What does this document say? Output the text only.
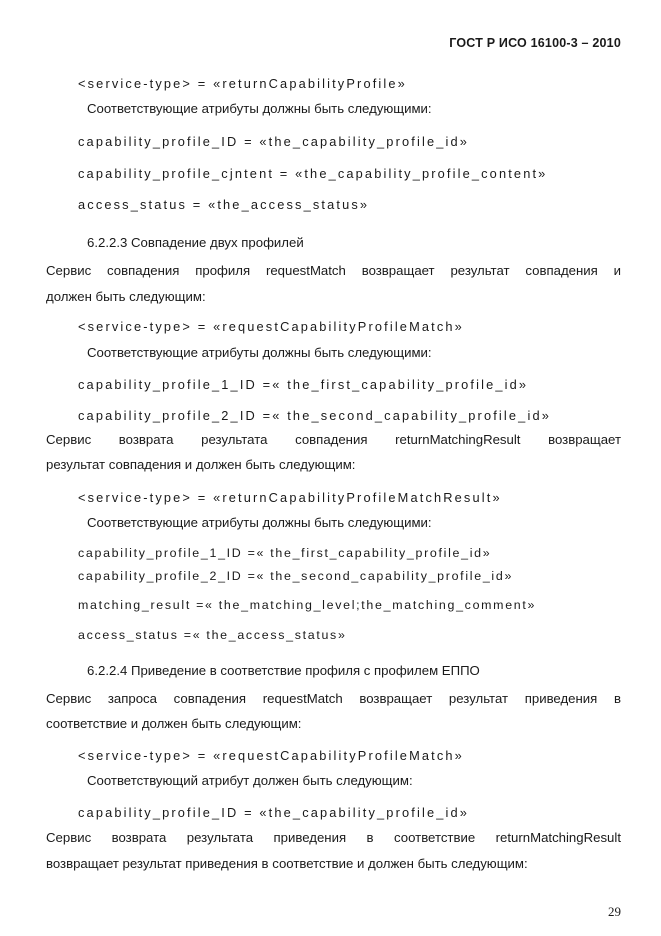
ГОСТ Р ИСО 16100-3 – 2010
<service-type> = «returnCapabilityProfile»
Соответствующие атрибуты должны быть следующими:
capability_profile_ID = «the_capability_profile_id»
capability_profile_cjntent = «the_capability_profile_content»
access_status = «the_access_status»
6.2.2.3 Совпадение двух профилей
Сервис совпадения профиля requestMatch возвращает результат совпадения и
должен быть следующим:
<service-type> = «requestCapabilityProfileMatch»
Соответствующие атрибуты должны быть следующими:
capability_profile_1_ID =« the_first_capability_profile_id»
capability_profile_2_ID =« the_second_capability_profile_id»
Сервис возврата результата совпадения returnMatchingResult возвращает
результат совпадения и должен быть следующим:
<service-type> = «returnCapabilityProfileMatchResult»
Соответствующие атрибуты должны быть следующими:
capability_profile_1_ID =« the_first_capability_profile_id»
capability_profile_2_ID =« the_second_capability_profile_id»
matching_result =« the_matching_level;the_matching_comment»
access_status =« the_access_status»
6.2.2.4 Приведение в соответствие профиля с профилем ЕППО
Сервис запроса совпадения requestMatch возвращает результат приведения в
соответствие и должен быть следующим:
<service-type> = «requestCapabilityProfileMatch»
Соответствующий атрибут должен быть следующим:
capability_profile_ID = «the_capability_profile_id»
Сервис возврата результата приведения в соответствие returnMatchingResult
возвращает результат приведения в соответствие и должен быть следующим:
29
